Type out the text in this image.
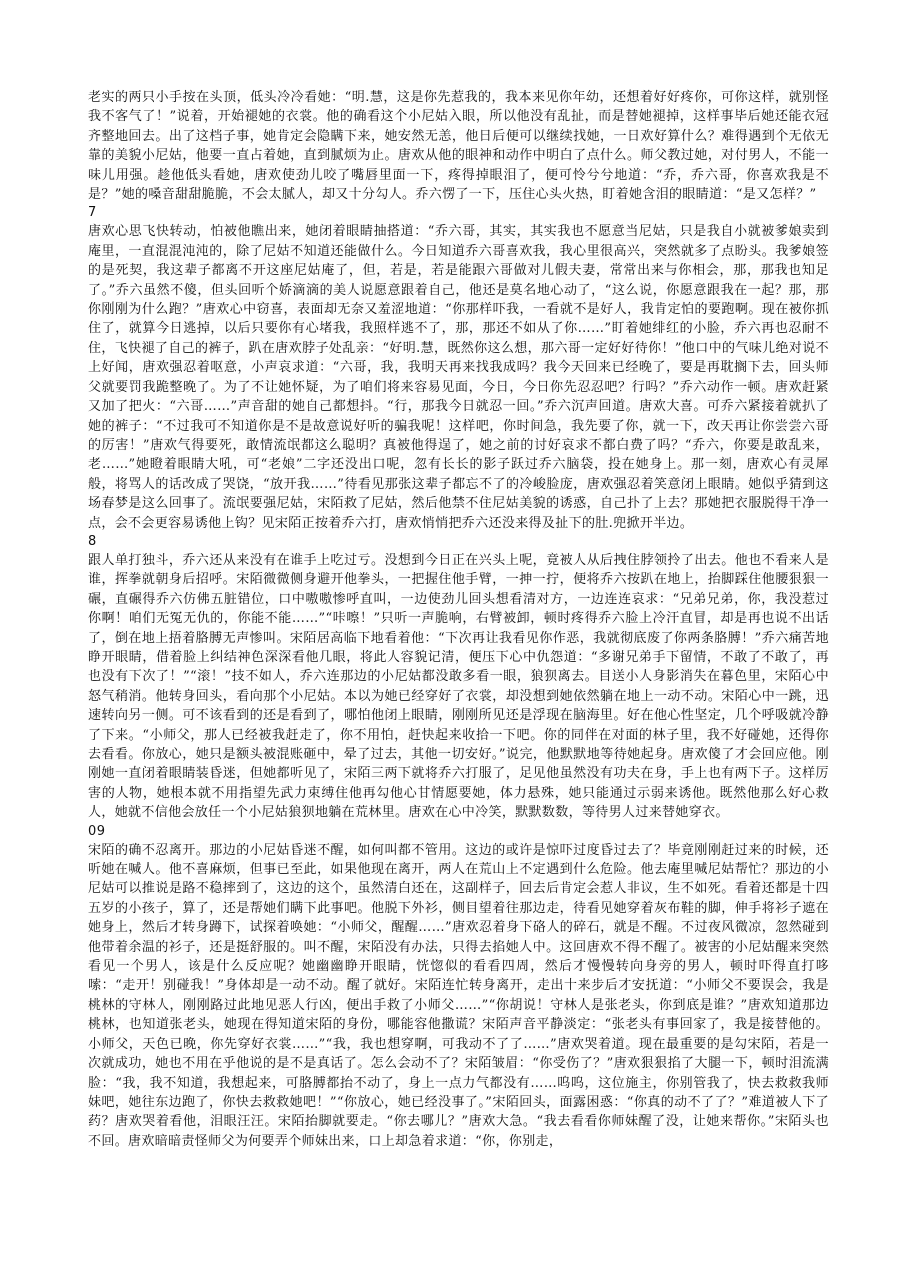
老实的两只小手按在头顶，低头冷冷看她：“明.慧，这是你先惹我的，我本来见你年幼，还想着好好疼你，可你这样，就别怪我不客气了！”说着，开始褪她的衣裳。他的确看这个小尼姑入眼，所以他没有乱扯，而是替她褪掉，这样事毕后她还能衣冠齐整地回去。出了这档子事，她肯定会隐瞒下来，她安然无恙，他日后便可以继续找她，一日欢好算什么？难得遇到个无依无靠的美貌小尼姑，他要一直占着她，直到腻烦为止。唐欢从他的眼神和动作中明白了点什么。师父教过她，对付男人，不能一味儿用强。趁他低头看她，唐欢使劲儿咬了嘴唇里面一下，疼得掉眼泪了，便可怜兮兮地道：“乔，乔六哥，你喜欢我是不是？”她的嗓音甜甜脆脆，不会太腻人，却又十分勾人。乔六愣了一下，压住心头火热，盯着她含泪的眼睛道：“是又怎样？”

7

唐欢心思飞快转动，怕被他瞧出来，她闭着眼睛抽搭道：“乔六哥，其实，其实我也不愿意当尼姑，只是我自小就被爹娘卖到庵里，一直混混沌沌的，除了尼姑不知道还能做什么。今日知道乔六哥喜欢我，我心里很高兴，突然就多了点盼头。我爹娘签的是死契，我这辈子都离不开这座尼姑庵了，但，若是，若是能跟六哥做对儿假夫妻，常常出来与你相会，那，那我也知足了。”乔六虽然不傻，但头回听个娇滴滴的美人说愿意跟着自己，他还是莫名地心动了，“这么说，你愿意跟我在一起？那，那你刚刚为什么跑？”唐欢心中窃喜，表面却无奈又羞涩地道：“你那样吓我，一看就不是好人，我肯定怕的要跑啊。现在被你抓住了，就算今日逃掉，以后只要你有心堵我，我照样逃不了，那，那还不如从了你……”盯着她绯红的小脸，乔六再也忍耐不住，飞快褪了自己的裤子，趴在唐欢脖子处乱亲：“好明.慧，既然你这么想，那六哥一定好好待你！”他口中的气味儿绝对说不上好闻，唐欢强忍着呕意，小声哀求道：“六哥，我，我明天再来找我成吗？我今天回来已经晚了，要是再耽搁下去，回头师父就要罚我跪整晚了。为了不让她怀疑，为了咱们将来容易见面，今日，今日你先忍忍吧？行吗？”乔六动作一顿。唐欢赶紧又加了把火：“六哥……”声音甜的她自己都想抖。“行，那我今日就忍一回。”乔六沉声回道。唐欢大喜。可乔六紧接着就扒了她的裤子：“不过我可不知道你是不是故意说好听的骗我呢！这样吧，你时间急，我先要了你，就一下，改天再让你尝尝六哥的厉害！”唐欢气得要死，敢情流氓都这么聪明？真被他得逞了，她之前的讨好哀求不都白费了吗？“乔六，你要是敢乱来，老……”她瞪着眼睛大吼，可“老娘”二字还没出口呢，忽有长长的影子跃过乔六脑袋，投在她身上。那一刻，唐欢心有灵犀般，将骂人的话改成了哭饶，“放开我……”待看见那张这辈子都忘不了的冷峻脸庞，唐欢强忍着笑意闭上眼睛。她似乎猜到这场春梦是这么回事了。流氓要强尼姑，宋陌救了尼姑，然后他禁不住尼姑美貌的诱惑，自己扑了上去？那她把衣服脱得干净一点，会不会更容易诱他上钩？见宋陌正按着乔六打，唐欢悄悄把乔六还没来得及扯下的肚.兜掀开半边。

8

跟人单打独斗，乔六还从来没有在谁手上吃过亏。没想到今日正在兴头上呢，竟被人从后拽住脖领拎了出去。他也不看来人是谁，挥拳就朝身后招呼。宋陌微微侧身避开他拳头，一把握住他手臂，一抻一拧，便将乔六按趴在地上，抬脚踩住他腰狠狠一碾，直碾得乔六仿佛五脏错位，口中嗷嗷惨呼直叫，一边使劲儿回头想看清对方，一边连连哀求：“兄弟兄弟，你，我没惹过你啊！咱们无冤无仇的，你能不能……”“咔嚓！”只听一声脆响，右臂被卸，顿时疼得乔六脸上冷汗直冒，却是再也说不出话了，倒在地上捂着胳膊无声惨叫。宋陌居高临下地看着他：“下次再让我看见你作恶，我就彻底废了你两条胳膊！”乔六痛苦地睁开眼睛，借着脸上纠结神色深深看他几眼，将此人容貌记清，便压下心中仇怨道：“多谢兄弟手下留情，不敢了不敢了，再也没有下次了！”“滚！”技不如人，乔六连那边的小尼姑都没敢多看一眼，狼狈离去。目送小人身影消失在暮色里，宋陌心中怒气稍消。他转身回头，看向那个小尼姑。本以为她已经穿好了衣裳，却没想到她依然躺在地上一动不动。宋陌心中一跳，迅速转向另一侧。可不该看到的还是看到了，哪怕他闭上眼睛，刚刚所见还是浮现在脑海里。好在他心性坚定，几个呼吸就冷静了下来。“小师父，那人已经被我赶走了，你不用怕，赶快起来收拾一下吧。你的同伴在对面的林子里，我不好碰她，还得你去看看。你放心，她只是额头被混账砸中，晕了过去，其他一切安好。”说完，他默默地等待她起身。唐欢傻了才会回应他。刚刚她一直闭着眼睛装昏迷，但她都听见了，宋陌三两下就将乔六打服了，足见他虽然没有功夫在身，手上也有两下子。这样厉害的人物，她根本就不用指望先武力束缚住他再勾他心甘情愿要她，体力悬殊，她只能通过示弱来诱他。既然他那么好心救人，她就不信他会放任一个小尼姑狼狈地躺在荒林里。唐欢在心中冷笑，默默数数，等待男人过来替她穿衣。

09

宋陌的确不忍离开。那边的小尼姑昏迷不醒，如何叫都不管用。这边的或许是惊吓过度昏过去了？毕竟刚刚赶过来的时候，还听她在喊人。他不喜麻烦，但事已至此，如果他现在离开，两人在荒山上不定遇到什么危险。他去庵里喊尼姑帮忙？那边的小尼姑可以推说是路不稳摔到了，这边的这个，虽然清白还在，这副样子，回去后肯定会惹人非议，生不如死。看着还都是十四五岁的小孩子，算了，还是帮她们瞒下此事吧。他脱下外衫，侧目望着往那边走，待看见她穿着灰布鞋的脚，伸手将衫子遮在她身上，然后才转身蹲下，试探着唤她：“小师父，醒醒……”唐欢忍着身下硌人的碎石，就是不醒。不过夜风微凉，忽然碰到他带着余温的衫子，还是挺舒服的。叫不醒，宋陌没有办法，只得去掐她人中。这回唐欢不得不醒了。被害的小尼姑醒来突然看见一个男人，该是什么反应呢？她幽幽睁开眼睛，恍惚似的看看四周，然后才慢慢转向身旁的男人，顿时吓得直打哆嗦：“走开！别碰我！”身体却是一动不动。醒了就好。宋陌连忙转身离开，走出十来步后才安抚道：“小师父不要误会，我是桃林的守林人，刚刚路过此地见恶人行凶，便出手救了小师父……”“你胡说！守林人是张老头，你到底是谁？”唐欢知道那边桃林，也知道张老头，她现在得知道宋陌的身份，哪能容他撒谎？宋陌声音平静淡定：“张老头有事回家了，我是接替他的。小师父，天色已晚，你先穿好衣裳……”“我，我也想穿啊，可我动不了了……”唐欢哭着道。现在最重要的是勾宋陌，若是一次就成功，她也不用在乎他说的是不是真话了。怎么会动不了？宋陌皱眉：“你受伤了？”唐欢狠狠掐了大腿一下，顿时泪流满脸：“我，我不知道，我想起来，可胳膊都抬不动了，身上一点力气都没有……呜呜，这位施主，你别管我了，快去救救我师妹吧，她往东边跑了，你快去救救她吧！”“你放心，她已经没事了。”宋陌回头，面露困惑：“你真的动不了了？”难道被人下了药？唐欢哭着看他，泪眼汪汪。宋陌抬脚就要走。“你去哪儿？”唐欢大急。“我去看看你师妹醒了没，让她来帮你。”宋陌头也不回。唐欢暗暗责怪师父为何要弄个师妹出来，口上却急着求道：“你，你别走，
